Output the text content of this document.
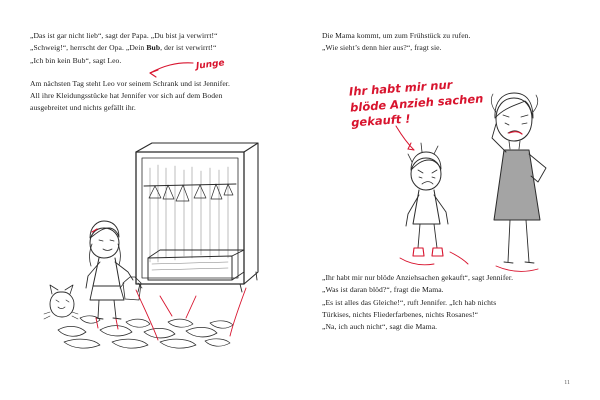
„Das ist gar nicht lieb“, sagt der Papa. „Du bist ja verwirrt!“

„Schweig!“, herrscht der Opa. „Dein Bub, der ist verwirrt!“

„Ich bin kein Bub“, sagt Leo.

Am nächsten Tag steht Leo vor seinem Schrank und ist Jennifer.

All ihre Kleidungsstücke hat Jennifer vor sich auf dem Boden

ausgebreitet und nichts gefällt ihr.

Junge

Die Mama kommt, um zum Frühstück zu rufen.

„Wie sieht’s denn hier aus?“, fragt sie.

Ihr habt mir nur
blöde Anzieh sachen
gekauft !

„Ihr habt mir nur blöde Anziehsachen gekauft“, sagt Jennifer.

„Was ist daran blöd?“, fragt die Mama.

„Es ist alles das Gleiche!“, ruft Jennifer. „Ich hab nichts

Türkises, nichts Fliederfarbenes, nichts Rosanes!“

„Na, ich auch nicht“, sagt die Mama.

11
